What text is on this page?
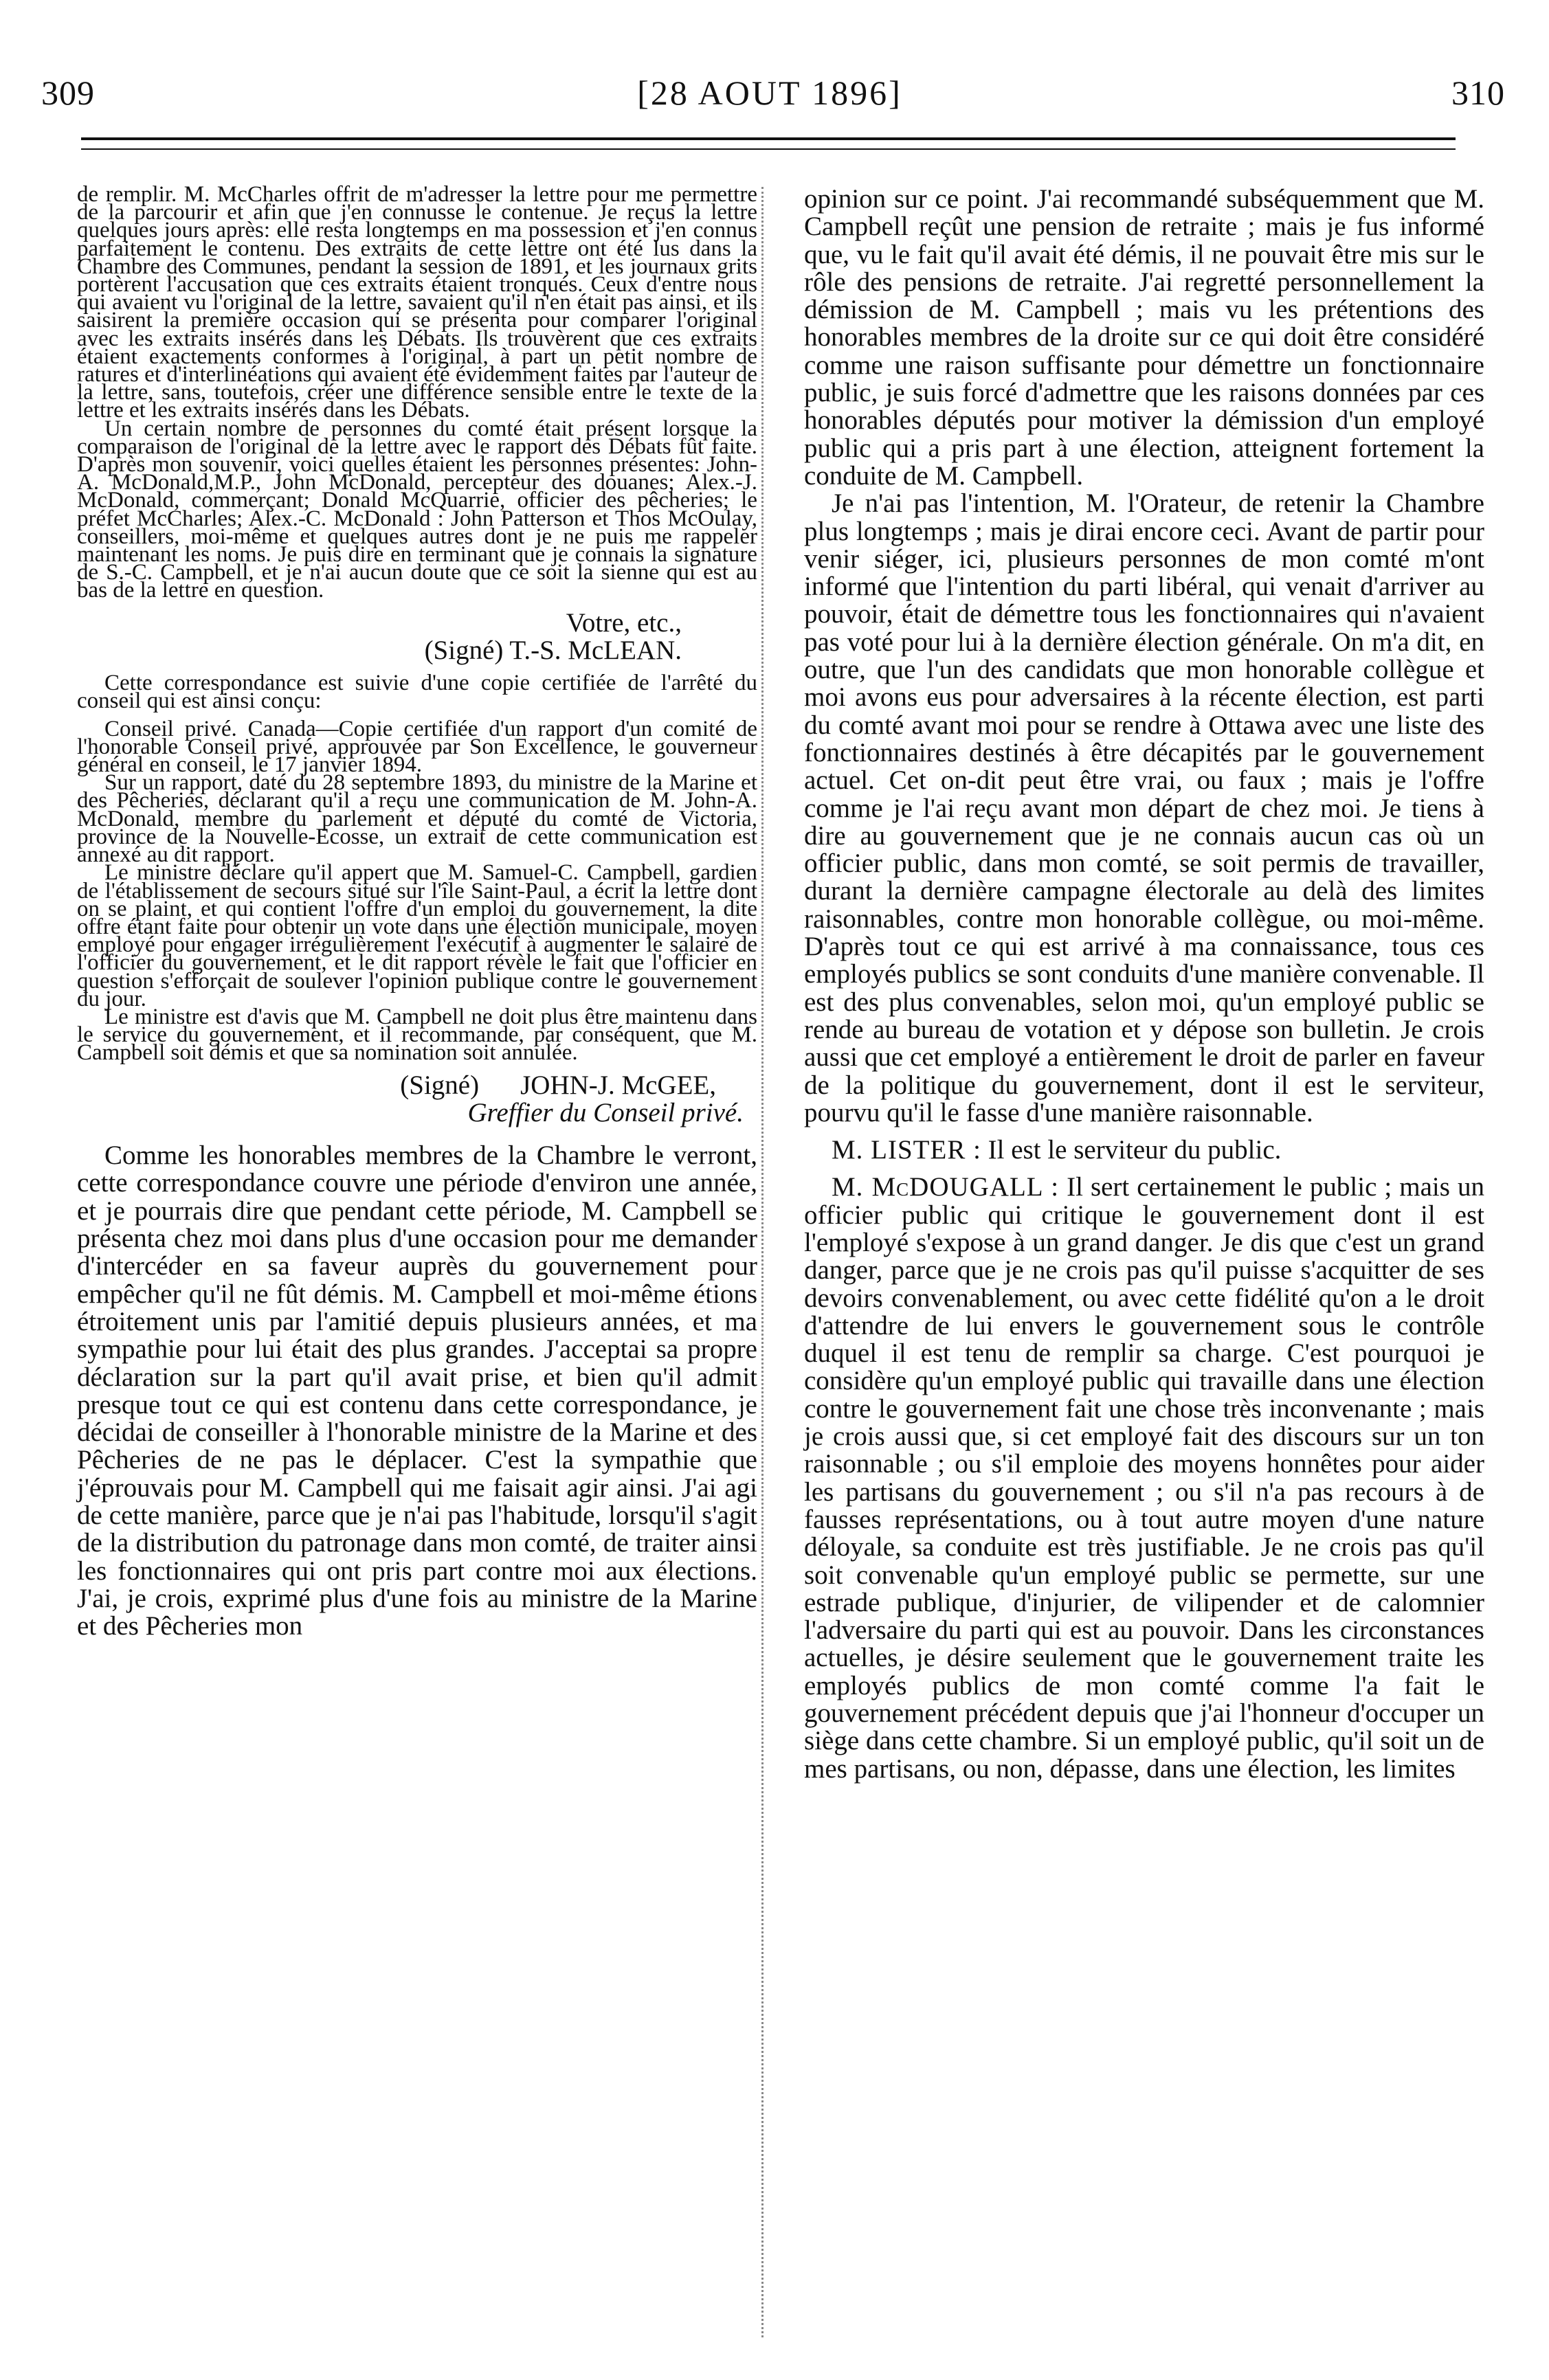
309	[28 AOUT 1896]	310

de remplir. M. McCharles offrit de m'adresser la lettre pour me permettre de la parcourir et afin que j'en connusse le contenue. Je reçus la lettre quelques jours après: elle resta longtemps en ma possession et j'en connus parfaitement le contenu. Des extraits de cette lettre ont été lus dans la Chambre des Communes, pendant la session de 1891, et les journaux grits portèrent l'accusation que ces extraits étaient tronqués. Ceux d'entre nous qui avaient vu l'original de la lettre, savaient qu'il n'en était pas ainsi, et ils saisirent la première occasion qui se présenta pour comparer l'original avec les extraits insérés dans les Débats. Ils trouvèrent que ces extraits étaient exactements conformes à l'original, à part un petit nombre de ratures et d'interlinéations qui avaient été évidemment faites par l'auteur de la lettre, sans, toutefois, créer une différence sensible entre le texte de la lettre et les extraits insérés dans les Débats.

Un certain nombre de personnes du comté était présent lorsque la comparaison de l'original de la lettre avec le rapport des Débats fût faite. D'après mon souvenir, voici quelles étaient les personnes présentes: John-A. McDonald,M.P., John McDonald, percepteur des douanes; Alex.-J. McDonald, commerçant; Donald McQuarrie, officier des pêcheries; le préfet McCharles; Alex.-C. McDonald : John Patterson et Thos McOulay, conseillers, moi-même et quelques autres dont je ne puis me rappeler maintenant les noms. Je puis dire en terminant que je connais la signature de S.-C. Campbell, et je n'ai aucun doute que ce soit la sienne qui est au bas de la lettre en question.

Votre, etc.,

(Signé) T.-S. McLEAN.

Cette correspondance est suivie d'une copie certifiée de l'arrêté du conseil qui est ainsi conçu:

Conseil privé. Canada—Copie certifiée d'un rapport d'un comité de l'honorable Conseil privé, approuvée par Son Excellence, le gouverneur général en conseil, le 17 janvier 1894.

Sur un rapport, daté du 28 septembre 1893, du ministre de la Marine et des Pêcheries, déclarant qu'il a reçu une communication de M. John-A. McDonald, membre du parlement et député du comté de Victoria, province de la Nouvelle-Ecosse, un extrait de cette communication est annexé au dit rapport.

Le ministre déclare qu'il appert que M. Samuel-C. Campbell, gardien de l'établissement de secours situé sur l'île Saint-Paul, a écrit la lettre dont on se plaint, et qui contient l'offre d'un emploi du gouvernement, la dite offre étant faite pour obtenir un vote dans une élection municipale, moyen employé pour engager irrégulièrement l'exécutif à augmenter le salaire de l'officier du gouvernement, et le dit rapport révèle le fait que l'officier en question s'efforçait de soulever l'opinion publique contre le gouvernement du jour.

Le ministre est d'avis que M. Campbell ne doit plus être maintenu dans le service du gouvernement, et il recommande, par conséquent, que M. Campbell soit démis et que sa nomination soit annulée.

(Signé) JOHN-J. McGEE,

Greffier du Conseil privé.

Comme les honorables membres de la Chambre le verront, cette correspondance couvre une période d'environ une année, et je pourrais dire que pendant cette période, M. Campbell se présenta chez moi dans plus d'une occasion pour me demander d'intercéder en sa faveur auprès du gouvernement pour empêcher qu'il ne fût démis. M. Campbell et moi-même étions étroitement unis par l'amitié depuis plusieurs années, et ma sympathie pour lui était des plus grandes. J'acceptai sa propre déclaration sur la part qu'il avait prise, et bien qu'il admit presque tout ce qui est contenu dans cette correspondance, je décidai de conseiller à l'honorable ministre de la Marine et des Pêcheries de ne pas le déplacer. C'est la sympathie que j'éprouvais pour M. Campbell qui me faisait agir ainsi. J'ai agi de cette manière, parce que je n'ai pas l'habitude, lorsqu'il s'agit de la distribution du patronage dans mon comté, de traiter ainsi les fonctionnaires qui ont pris part contre moi aux élections. J'ai, je crois, exprimé plus d'une fois au ministre de la Marine et des Pêcheries mon

opinion sur ce point. J'ai recommandé subséquemment que M. Campbell reçût une pension de retraite ; mais je fus informé que, vu le fait qu'il avait été démis, il ne pouvait être mis sur le rôle des pensions de retraite. J'ai regretté personnellement la démission de M. Campbell ; mais vu les prétentions des honorables membres de la droite sur ce qui doit être considéré comme une raison suffisante pour démettre un fonctionnaire public, je suis forcé d'admettre que les raisons données par ces honorables députés pour motiver la démission d'un employé public qui a pris part à une élection, atteignent fortement la conduite de M. Campbell.

Je n'ai pas l'intention, M. l'Orateur, de retenir la Chambre plus longtemps ; mais je dirai encore ceci. Avant de partir pour venir siéger, ici, plusieurs personnes de mon comté m'ont informé que l'intention du parti libéral, qui venait d'arriver au pouvoir, était de démettre tous les fonctionnaires qui n'avaient pas voté pour lui à la dernière élection générale. On m'a dit, en outre, que l'un des candidats que mon honorable collègue et moi avons eus pour adversaires à la récente élection, est parti du comté avant moi pour se rendre à Ottawa avec une liste des fonctionnaires destinés à être décapités par le gouvernement actuel. Cet on-dit peut être vrai, ou faux ; mais je l'offre comme je l'ai reçu avant mon départ de chez moi. Je tiens à dire au gouvernement que je ne connais aucun cas où un officier public, dans mon comté, se soit permis de travailler, durant la dernière campagne électorale au delà des limites raisonnables, contre mon honorable collègue, ou moi-même. D'après tout ce qui est arrivé à ma connaissance, tous ces employés publics se sont conduits d'une manière convenable. Il est des plus convenables, selon moi, qu'un employé public se rende au bureau de votation et y dépose son bulletin. Je crois aussi que cet employé a entièrement le droit de parler en faveur de la politique du gouvernement, dont il est le serviteur, pourvu qu'il le fasse d'une manière raisonnable.

M. LISTER : Il est le serviteur du public.

M. McDOUGALL : Il sert certainement le public ; mais un officier public qui critique le gouvernement dont il est l'employé s'expose à un grand danger. Je dis que c'est un grand danger, parce que je ne crois pas qu'il puisse s'acquitter de ses devoirs convenablement, ou avec cette fidélité qu'on a le droit d'attendre de lui envers le gouvernement sous le contrôle duquel il est tenu de remplir sa charge. C'est pourquoi je considère qu'un employé public qui travaille dans une élection contre le gouvernement fait une chose très inconvenante ; mais je crois aussi que, si cet employé fait des discours sur un ton raisonnable ; ou s'il emploie des moyens honnêtes pour aider les partisans du gouvernement ; ou s'il n'a pas recours à de fausses représentations, ou à tout autre moyen d'une nature déloyale, sa conduite est très justifiable. Je ne crois pas qu'il soit convenable qu'un employé public se permette, sur une estrade publique, d'injurier, de vilipender et de calomnier l'adversaire du parti qui est au pouvoir. Dans les circonstances actuelles, je désire seulement que le gouvernement traite les employés publics de mon comté comme l'a fait le gouvernement précédent depuis que j'ai l'honneur d'occuper un siège dans cette chambre. Si un employé public, qu'il soit un de mes partisans, ou non, dépasse, dans une élection, les limites
